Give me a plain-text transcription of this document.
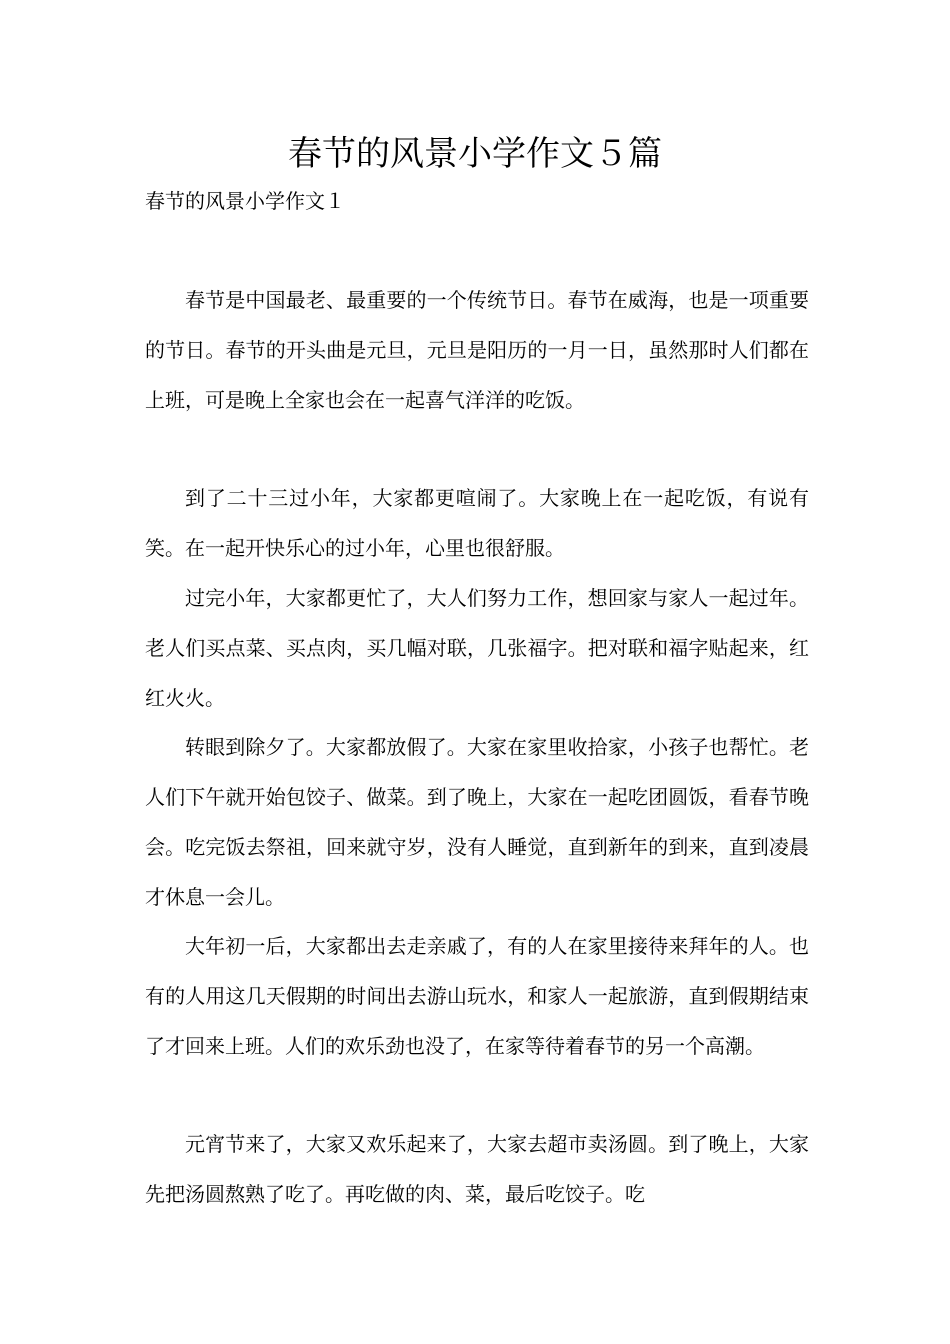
春节的风景小学作文５篇

春节的风景小学作文１

春节是中国最老、最重要的一个传统节日。春节在威海，也是一项重要的节日。春节的开头曲是元旦，元旦是阳历的一月一日，虽然那时人们都在上班，可是晚上全家也会在一起喜气洋洋的吃饭。

到了二十三过小年，大家都更喧闹了。大家晚上在一起吃饭，有说有笑。在一起开快乐心的过小年，心里也很舒服。

过完小年，大家都更忙了，大人们努力工作，想回家与家人一起过年。老人们买点菜、买点肉，买几幅对联，几张福字。把对联和福字贴起来，红红火火。

转眼到除夕了。大家都放假了。大家在家里收拾家，小孩子也帮忙。老人们下午就开始包饺子、做菜。到了晚上，大家在一起吃团圆饭，看春节晚会。吃完饭去祭祖，回来就守岁，没有人睡觉，直到新年的到来，直到凌晨才休息一会儿。

大年初一后，大家都出去走亲戚了，有的人在家里接待来拜年的人。也有的人用这几天假期的时间出去游山玩水，和家人一起旅游，直到假期结束了才回来上班。人们的欢乐劲也没了，在家等待着春节的另一个高潮。

元宵节来了，大家又欢乐起来了，大家去超市卖汤圆。到了晚上，大家先把汤圆熬熟了吃了。再吃做的肉、菜，最后吃饺子。吃
